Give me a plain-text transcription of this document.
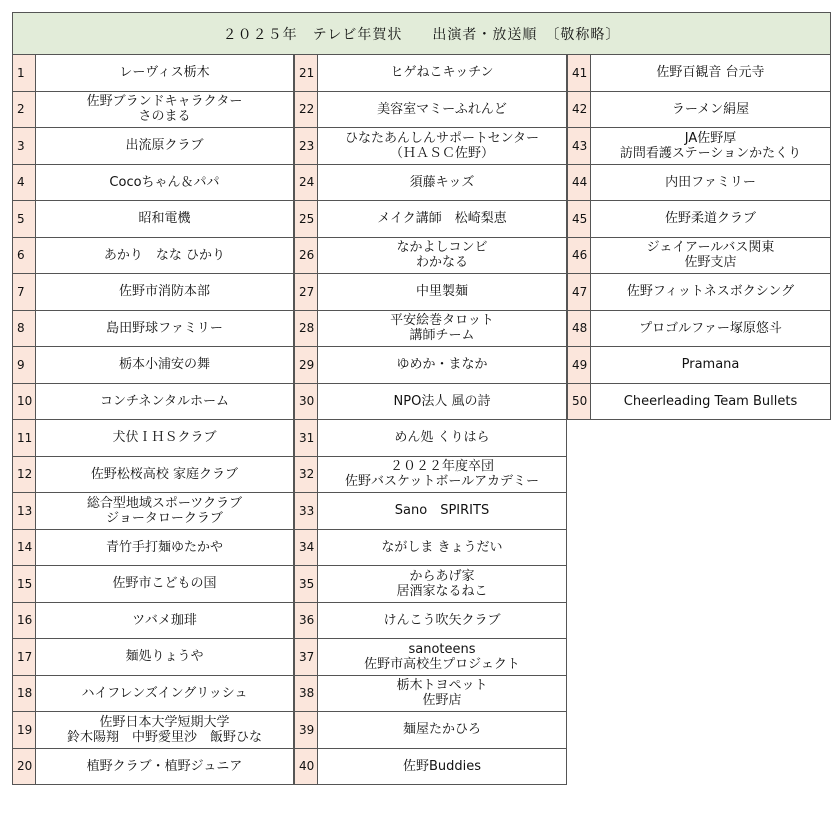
２０２５年　テレビ年賀状　　出演者・放送順　〔敬称略〕
1	レーヴィス栃木
2	佐野ブランドキャラクター
さのまる
3	出流原クラブ
4	Cocoちゃん＆パパ
5	昭和電機
6	あかり　なな ひかり
7	佐野市消防本部
8	島田野球ファミリー
9	栃本小浦安の舞
10	コンチネンタルホーム
11	犬伏ＩＨＳクラブ
12	佐野松桜高校 家庭クラブ
13	総合型地域スポーツクラブ
ジョータロークラブ
14	青竹手打麺ゆたかや
15	佐野市こどもの国
16	ツバメ珈琲
17	麺処りょうや
18	ハイフレンズイングリッシュ
19	佐野日本大学短期大学
鈴木陽翔　中野愛里沙　飯野ひな
20	植野クラブ・植野ジュニア
21	ヒゲねこキッチン
22	美容室マミーふれんど
23 ひなたあんしんサポートセンター
（ＨＡＳＣ佐野）
24	須藤キッズ
25	メイク講師　松崎梨恵
26	なかよしコンビ
わかなる
27	中里製麺
28	平安絵巻タロット
講師チーム
29	ゆめか・まなか
30	NPO法人 風の詩
31	めん処 くりはら
32	２０２２年度卒団
佐野バスケットボールアカデミー
33	Sano　SPIRITS
34	ながしま きょうだい
35	からあげ家
居酒家なるねこ
36	けんこう吹矢クラブ
37	sanoteens
佐野市高校生プロジェクト
38	栃木トヨペット
佐野店
39	麺屋たかひろ
40	佐野Buddies
41	佐野百観音 台元寺
42	ラーメン絹屋
43	JA佐野厚
訪問看護ステーションかたくり
44	内田ファミリー
45	佐野柔道クラブ
46	ジェイアールバス関東
佐野支店
47	佐野フィットネスボクシング
48	プロゴルファー塚原悠斗
49	Pramana
50	Cheerleading Team Bullets
